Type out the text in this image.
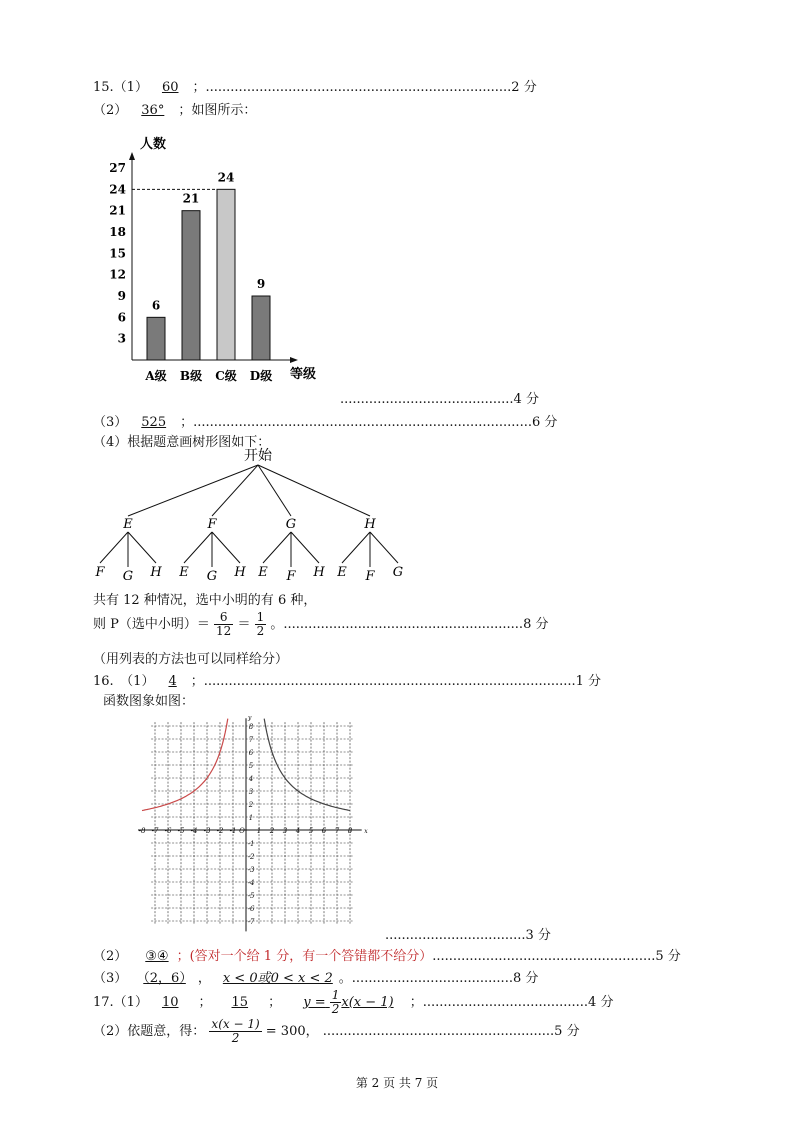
15.（1） 60 ；..........................................................................2 分
（2） 36° ；如图所示：
人数
等级
3
6
9
12
15
18
21
24
27
6
A级
21
B级
24
C级
9
D级
..........................................4 分
（3） 525 ；..................................................................................6 分
（4）根据题意画树形图如下：
开始
E
F G H
F
E G H
G
E F H
H
E F G
共有 12 种情况，选中小明的有 6 种，
则 P（选中小明）＝ $\frac{6}{12} = \frac{1}{2}$ 。..........................................................8 分
（用列表的方法也可以同样给分）
16.　（1） 4 ；..........................................................................................1 分
函数图象如图：
x
y
-8 -7 -6 -5 -4 -3 -2 -1 O 1 2 3 4 5 6 7 8
8
7
6
5
4
3
2
1
-1
-2
-3
-4
-5
-6
-7
..................................3 分
（2） ③④ ；(答对一个给 1 分，有一个答错都不给分）......................................................5 分
（3） （2，6） ， x < 0或0 < x < 2 。.......................................8 分
17.（1） 10 ； 15 ； $y = \frac{1}{2} x(x - 1)$ ；........................................4 分
（2）依题意，得： $\frac{x(x - 1)}{2} = 300$， ........................................................5 分
第 2 页 共 7 页
